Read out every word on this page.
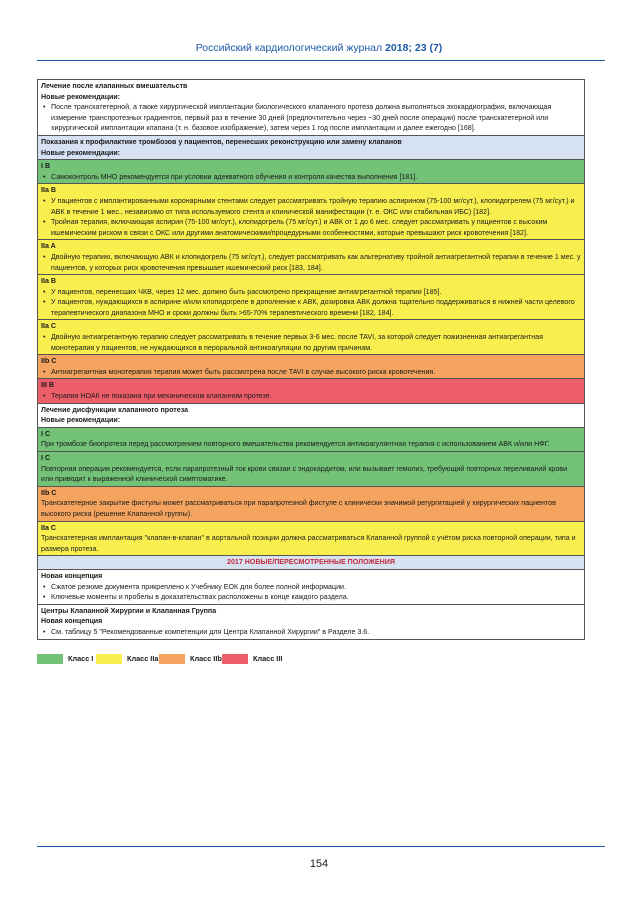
Российский кардиологический журнал 2018; 23 (7)
Лечение после клапанных вмешательств
Новые рекомендации:
• После транскатетерной, а также хирургической имплантации биологического клапанного протеза должна выполняться эхокардиография, включающая измерение транспротезных градиентов, первый раз в течение 30 дней (предпочтительно через ~30 дней после операции) после транскатетерной или хирургической имплантации клапана (т. н. базовое изображение), затем через 1 год после имплантации и далее ежегодно [168].
Показания к профилактике тромбозов у пациентов, перенесших реконструкцию или замену клапанов
Новые рекомендации:
I B
• Самоконтроль МНО рекомендуется при условии адекватного обучения и контроля качества выполнения [181].
IIa B
• У пациентов с имплантированными коронарными стентами следует рассматривать тройную терапию аспирином (75-100 мг/сут.), клопидогрелем (75 мг/сут.) и АВК в течение 1 мес., независимо от типа используемого стента и клинической манифестации (т. е. ОКС или стабильная ИБС) [182].
• Тройная терапия, включающая аспирин (75-100 мг/сут.), клопидогрель (75 мг/сут.) и АВК от 1 до 6 мес. следует рассматривать у пациентов с высоким ишемическим риском в связи с ОКС или другими анатомическими/процедурными особенностями, которые превышают риск кровотечения [182].
IIa A
• Двойную терапию, включающую АВК и клопидогрель (75 мг/сут.), следует рассматривать как альтернативу тройной антиагрегантной терапии в течение 1 мес. у пациентов, у которых риск кровотечения превышает ишемический риск [183, 184].
IIa B
• У пациентов, перенесших ЧКВ, через 12 мес. должно быть рассмотрено прекращение антиагрегантной терапии [185].
• У пациентов, нуждающихся в аспирине и/или клопидогреле в дополнение к АВК, дозировка АВК должна тщательно поддерживаться в нижней части целевого терапевтического диапазона МНО и сроки должны быть >65-70% терапевтического времени [182, 184].
IIa C
• Двойную антиагрегантную терапию следует рассматривать в течение первых 3-6 мес. после TAVI, за которой следует пожизненная антиагрегантная монотерапия у пациентов, не нуждающихся в пероральной антикоагуляции по другим причинам.
IIb C
• Антиагрегантная монотерапия терапия может быть рассмотрена после TAVI в случае высокого риска кровотечения.
III B
• Терапия НОАК не показана при механическом клапанном протезе.
Лечение дисфункции клапанного протеза
Новые рекомендации:
I C
При тромбозе биопротеза перед рассмотрением повторного вмешательства рекомендуется антикоагулянтная терапия с использованием АВК и/или НФГ.
I C
Повторная операция рекомендуется, если парапротезный ток крови связан с эндокардитом, или вызывает гемолиз, требующий повторных переливаний крови или приводит к выраженной клинической симптоматике.
IIb C
Транскатетерное закрытие фистулы может рассматриваться при парапротезной фистуле с клинически значимой регургитацией у хирургических пациентов высокого риска (решение Клапанной группы).
IIa C
Транскатетерная имплантация "клапан-в-клапан" в аортальной позиции должна рассматриваться Клапанной группой с учётом риска повторной операции, типа и размера протеза.
2017 НОВЫЕ/ПЕРЕСМОТРЕННЫЕ ПОЛОЖЕНИЯ
Новая концепция
• Сжатое резюме документа прикреплено к Учебнику ЕОК для более полной информации.
• Ключевые моменты и пробелы в доказательствах расположены в конце каждого раздела.
Центры Клапанной Хирургии и Клапанная Группа
Новая концепция
• См. таблицу 5 "Рекомендованные компетенции для Центра Клапанной Хирургии" в Разделе 3.6.
Класс I	Класс IIa	Класс IIb	Класс III
154
